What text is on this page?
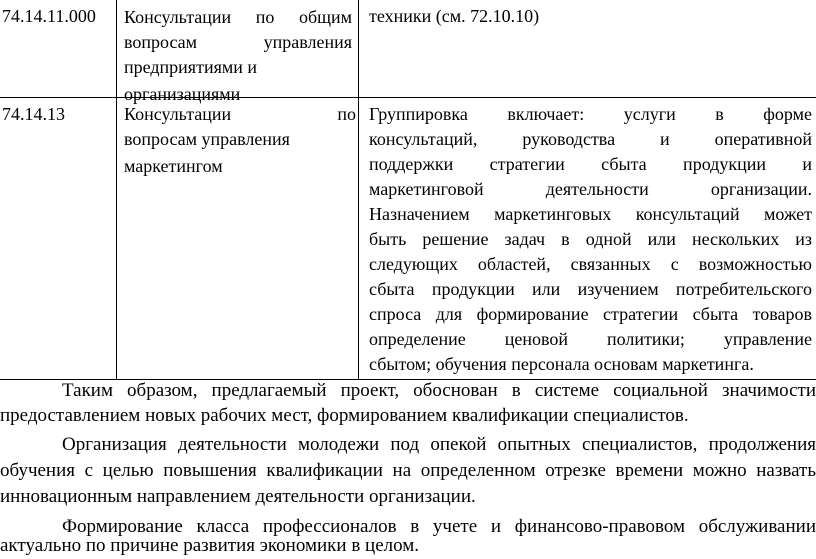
74.14.11.000 Консультации по общим
вопросам управления
предприятиями и
организациями
техники (см. 72.10.10)
74.14.13	Консультации по
вопросам управления
маркетингом
Группировка включает: услуги в форме
консультаций, руководства и оперативной
поддержки стратегии сбыта продукции и
маркетинговой деятельности организации.
Назначением маркетинговых консультаций может
быть решение задач в одной или нескольких из
следующих областей, связанных с возможностью
сбыта продукции или изучением потребительского
спроса для формирование стратегии сбыта товаров
определение ценовой политики; управление
сбытом; обучения персонала основам маркетинга.
Таким образом, предлагаемый проект, обоснован в системе социальной значимости
предоставлением новых рабочих мест, формированием квалификации специалистов.
Организация деятельности молодежи под опекой опытных специалистов, продолжения
обучения с целью повышения квалификации на определенном отрезке времени можно назвать
инновационным направлением деятельности организации.
Формирование класса профессионалов в учете и финансово-правовом обслуживании
актуально по причине развития экономики в целом.
